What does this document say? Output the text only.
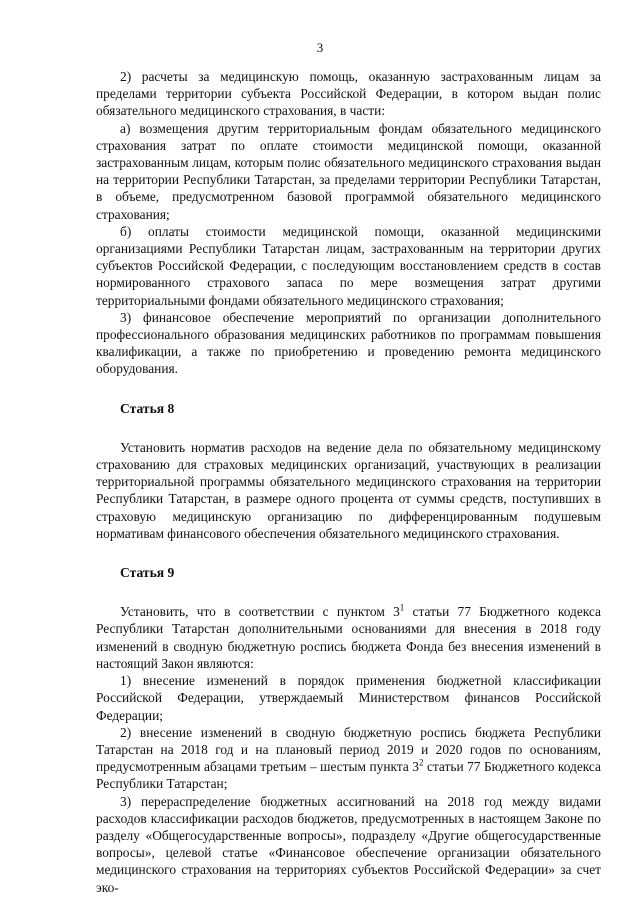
3

2) расчеты за медицинскую помощь, оказанную застрахованным лицам за пределами территории субъекта Российской Федерации, в котором выдан полис обязательного медицинского страхования, в части:

а) возмещения другим территориальным фондам обязательного медицинского страхования затрат по оплате стоимости медицинской помощи, оказанной застрахованным лицам, которым полис обязательного медицинского страхования выдан на территории Республики Татарстан, за пределами территории Республики Татарстан, в объеме, предусмотренном базовой программой обязательного медицинского страхования;

б) оплаты стоимости медицинской помощи, оказанной медицинскими организациями Республики Татарстан лицам, застрахованным на территории других субъектов Российской Федерации, с последующим восстановлением средств в состав нормированного страхового запаса по мере возмещения затрат другими территориальными фондами обязательного медицинского страхования;

3) финансовое обеспечение мероприятий по организации дополнительного профессионального образования медицинских работников по программам повышения квалификации, а также по приобретению и проведению ремонта медицинского оборудования.

Статья 8

Установить норматив расходов на ведение дела по обязательному медицинскому страхованию для страховых медицинских организаций, участвующих в реализации территориальной программы обязательного медицинского страхования на территории Республики Татарстан, в размере одного процента от суммы средств, поступивших в страховую медицинскую организацию по дифференцированным подушевым нормативам финансового обеспечения обязательного медицинского страхования.

Статья 9

Установить, что в соответствии с пунктом $3^1$ статьи 77 Бюджетного кодекса Республики Татарстан дополнительными основаниями для внесения в 2018 году изменений в сводную бюджетную роспись бюджета Фонда без внесения изменений в настоящий Закон являются:

1) внесение изменений в порядок применения бюджетной классификации Российской Федерации, утверждаемый Министерством финансов Российской Федерации;

2) внесение изменений в сводную бюджетную роспись бюджета Республики Татарстан на 2018 год и на плановый период 2019 и 2020 годов по основаниям, предусмотренным абзацами третьим – шестым пункта $3^2$ статьи 77 Бюджетного кодекса Республики Татарстан;

3) перераспределение бюджетных ассигнований на 2018 год между видами расходов классификации расходов бюджетов, предусмотренных в настоящем Законе по разделу «Общегосударственные вопросы», подразделу «Другие общегосударственные вопросы», целевой статье «Финансовое обеспечение организации обязательного медицинского страхования на территориях субъектов Российской Федерации» за счет эко-
